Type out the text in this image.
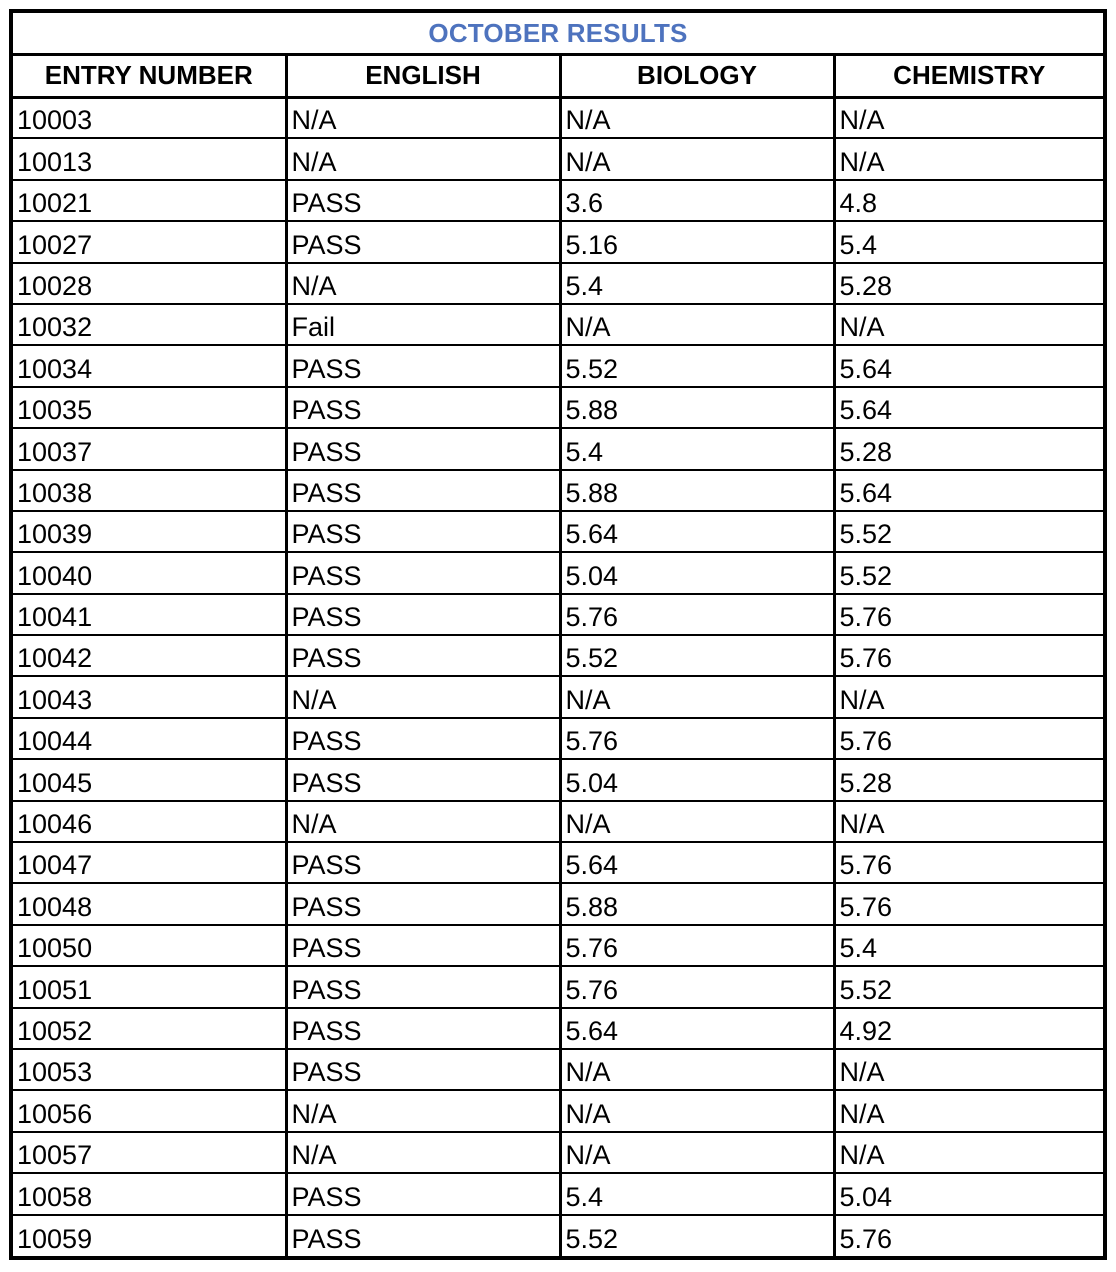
OCTOBER RESULTS
ENTRY NUMBER	ENGLISH	BIOLOGY	CHEMISTRY
10003	N/A	N/A	N/A
10013	N/A	N/A	N/A
10021	PASS	3.6	4.8
10027	PASS	5.16	5.4
10028	N/A	5.4	5.28
10032	Fail	N/A	N/A
10034	PASS	5.52	5.64
10035	PASS	5.88	5.64
10037	PASS	5.4	5.28
10038	PASS	5.88	5.64
10039	PASS	5.64	5.52
10040	PASS	5.04	5.52
10041	PASS	5.76	5.76
10042	PASS	5.52	5.76
10043	N/A	N/A	N/A
10044	PASS	5.76	5.76
10045	PASS	5.04	5.28
10046	N/A	N/A	N/A
10047	PASS	5.64	5.76
10048	PASS	5.88	5.76
10050	PASS	5.76	5.4
10051	PASS	5.76	5.52
10052	PASS	5.64	4.92
10053	PASS	N/A	N/A
10056	N/A	N/A	N/A
10057	N/A	N/A	N/A
10058	PASS	5.4	5.04
10059	PASS	5.52	5.76
